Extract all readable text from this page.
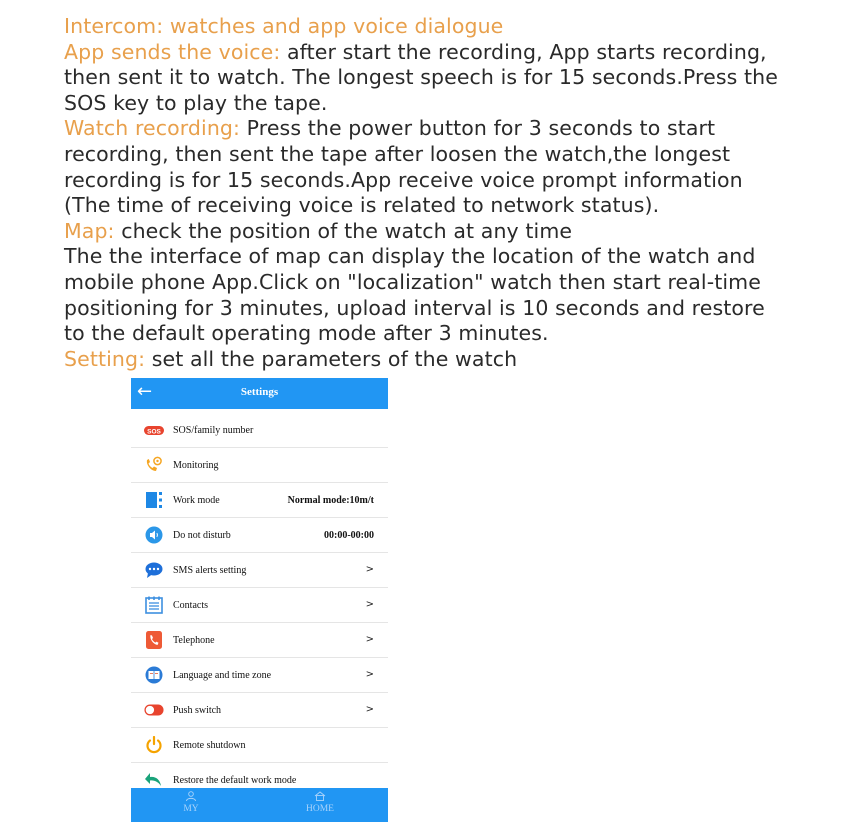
Intercom: watches and app voice dialogue
App sends the voice: after start the recording, App starts recording,
then sent it to watch. The longest speech is for 15 seconds.Press the
SOS key to play the tape.
Watch recording: Press the power button for 3 seconds to start
recording, then sent the tape after loosen the watch,the longest
recording is for 15 seconds.App receive voice prompt information
(The time of receiving voice is related to network status).
Map: check the position of the watch at any time
The the interface of map can display the location of the watch and
mobile phone App.Click on "localization" watch then start real-time
positioning for 3 minutes, upload interval is 10 seconds and restore
to the default operating mode after 3 minutes.
Setting: set all the parameters of the watch
←	Settings
SOS SOS/family number
Monitoring
Work mode	Normal mode:10m/t
Do not disturb	00:00-00:00
SMS alerts setting	>
Contacts	>
Telephone	>
Language and time zone	>
Push switch	>
Remote shutdown
Restore the default work mode
MY	HOME
